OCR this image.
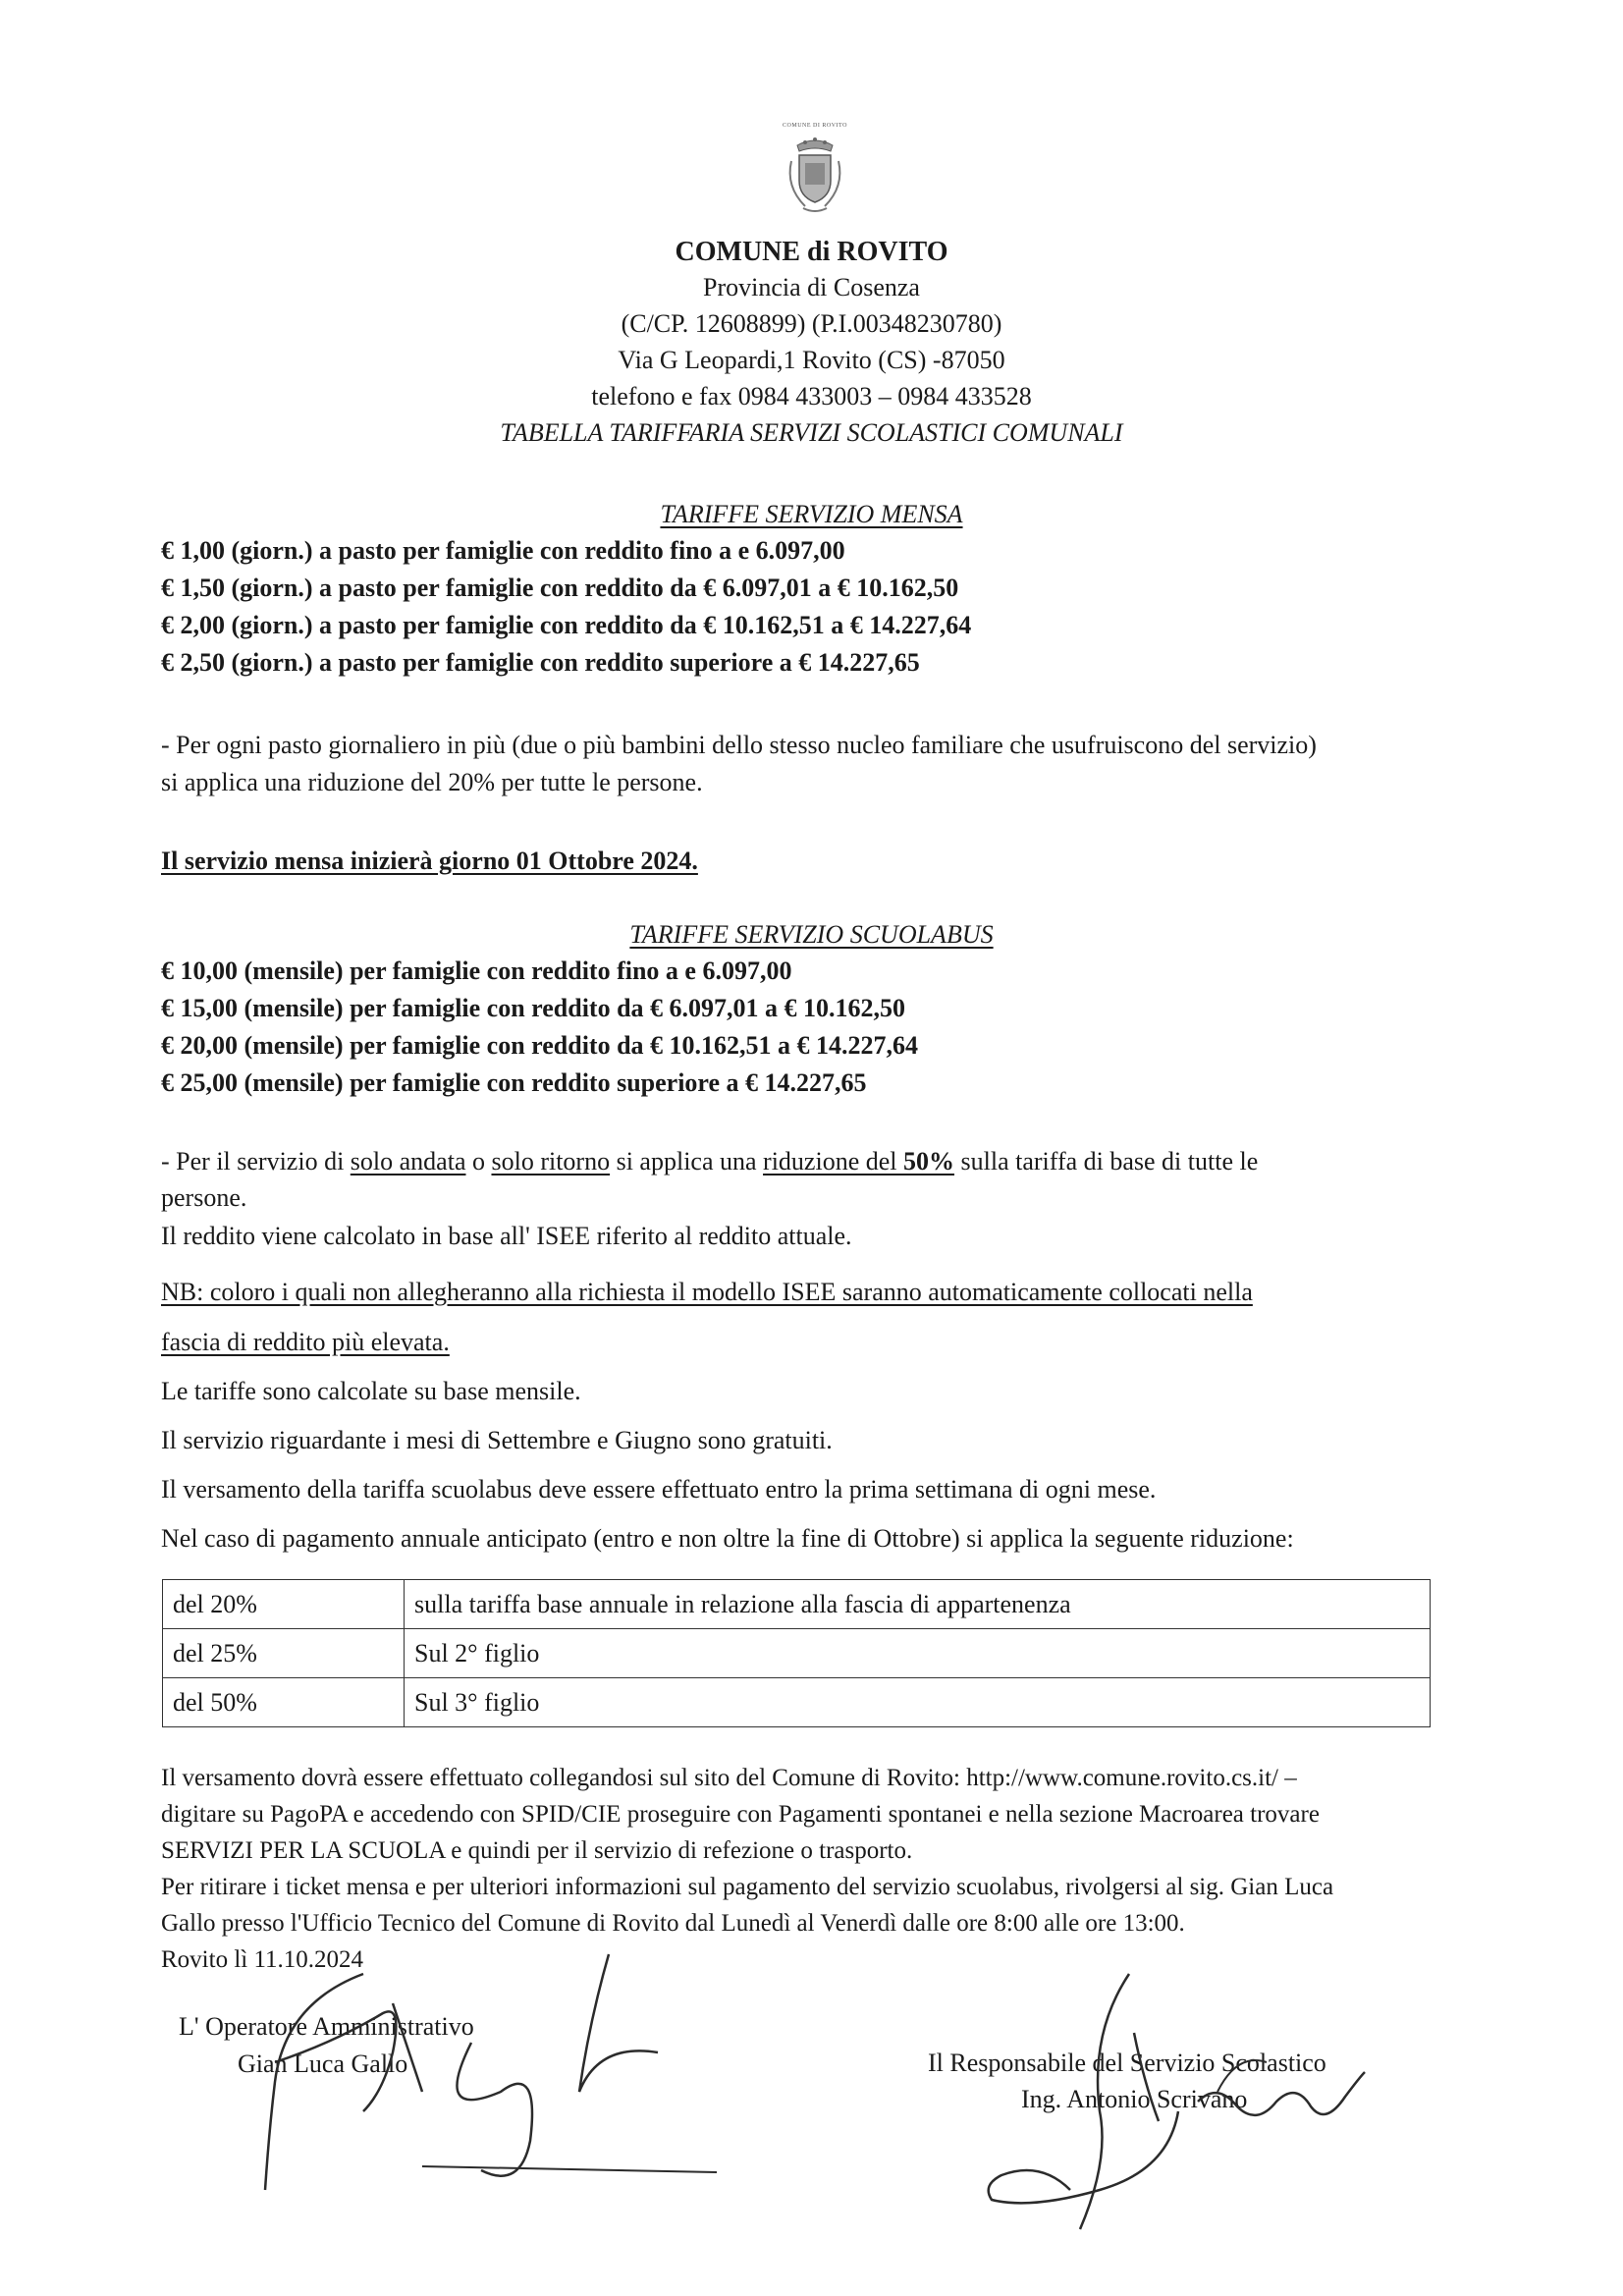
COMUNE DI ROVITO
COMUNE di ROVITO
Provincia di Cosenza
(C/CP. 12608899) (P.I.00348230780)
Via G Leopardi,1 Rovito (CS) -87050
telefono e fax 0984 433003 – 0984 433528
TABELLA TARIFFARIA SERVIZI SCOLASTICI COMUNALI
TARIFFE SERVIZIO MENSA
€ 1,00 (giorn.) a pasto per famiglie con reddito fino a e 6.097,00
€ 1,50 (giorn.) a pasto per famiglie con reddito da € 6.097,01 a € 10.162,50
€ 2,00 (giorn.) a pasto per famiglie con reddito da € 10.162,51 a € 14.227,64
€ 2,50 (giorn.) a pasto per famiglie con reddito superiore a € 14.227,65
- Per ogni pasto giornaliero in più (due o più bambini dello stesso nucleo familiare che usufruiscono del servizio)
si applica una riduzione del 20% per tutte le persone.
Il servizio mensa inizierà giorno 01 Ottobre 2024.
TARIFFE SERVIZIO SCUOLABUS
€ 10,00 (mensile) per famiglie con reddito fino a e 6.097,00
€ 15,00 (mensile) per famiglie con reddito da € 6.097,01 a € 10.162,50
€ 20,00 (mensile) per famiglie con reddito da € 10.162,51 a € 14.227,64
€ 25,00 (mensile) per famiglie con reddito superiore a € 14.227,65
- Per il servizio di solo andata o solo ritorno si applica una riduzione del 50% sulla tariffa di base di tutte le
persone.
Il reddito viene calcolato in base all' ISEE riferito al reddito attuale.
NB: coloro i quali non allegheranno alla richiesta il modello ISEE saranno automaticamente collocati nella
fascia di reddito più elevata.
Le tariffe sono calcolate su base mensile.
Il servizio riguardante i mesi di Settembre e Giugno sono gratuiti.
Il versamento della tariffa scuolabus deve essere effettuato entro la prima settimana di ogni mese.
Nel caso di pagamento annuale anticipato (entro e non oltre la fine di Ottobre) si applica la seguente riduzione:
del 20%	sulla tariffa base annuale in relazione alla fascia di appartenenza
del 25%	Sul 2° figlio
del 50%	Sul 3° figlio
Il versamento dovrà essere effettuato collegandosi sul sito del Comune di Rovito: http://www.comune.rovito.cs.it/ –
digitare su PagoPA e accedendo con SPID/CIE proseguire con Pagamenti spontanei e nella sezione Macroarea trovare
SERVIZI PER LA SCUOLA e quindi per il servizio di refezione o trasporto.
Per ritirare i ticket mensa e per ulteriori informazioni sul pagamento del servizio scuolabus, rivolgersi al sig. Gian Luca
Gallo presso l'Ufficio Tecnico del Comune di Rovito dal Lunedì al Venerdì dalle ore 8:00 alle ore 13:00.
Rovito lì 11.10.2024
L' Operatore Amministrativo
Gian Luca Gallo	Il Responsabile del Servizio Scolastico
Ing. Antonio Scrivano
